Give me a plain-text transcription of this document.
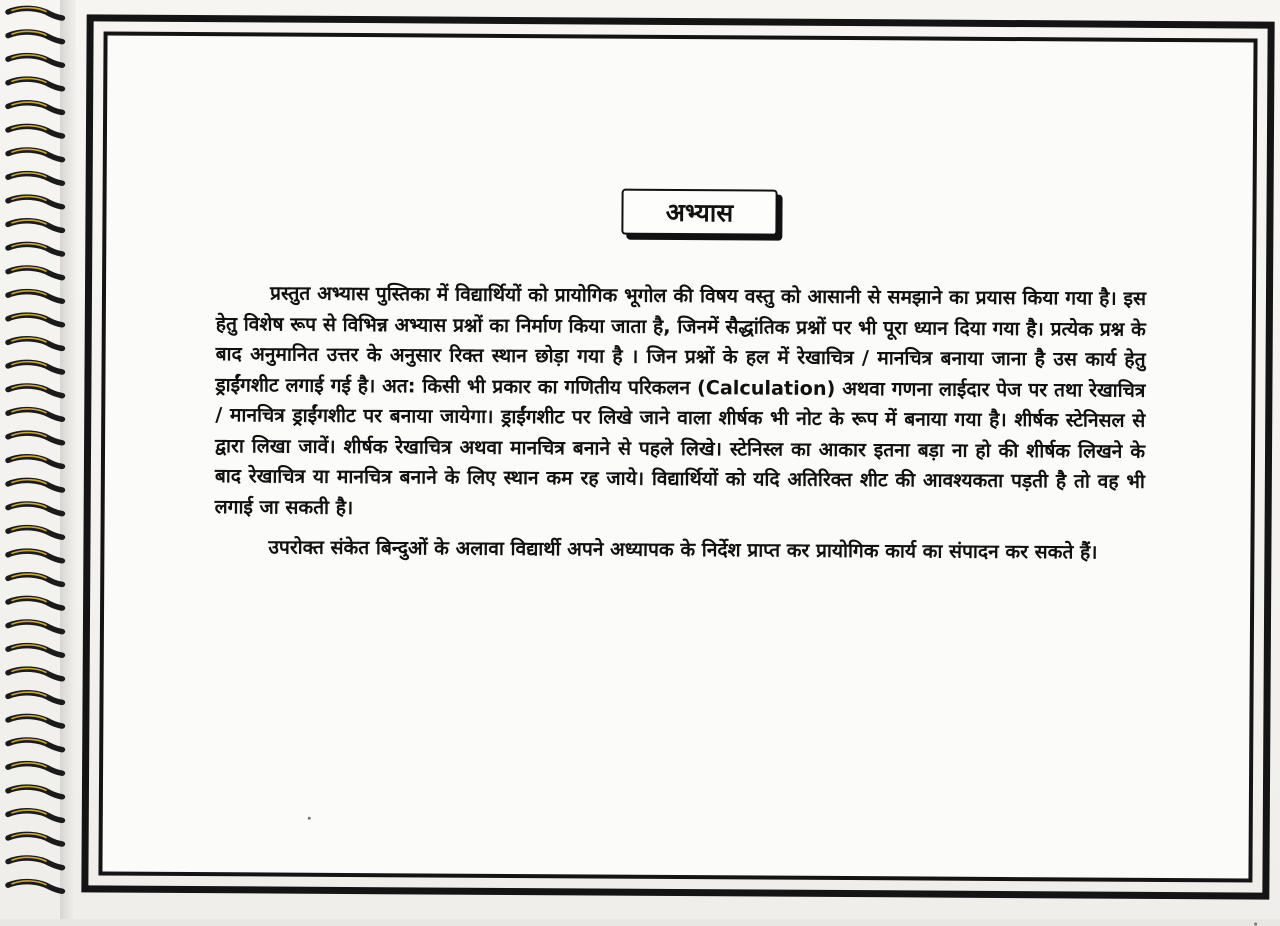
अभ्यास

प्रस्तुत अभ्यास पुस्तिका में विद्यार्थियों को प्रायोगिक भूगोल की विषय वस्तु को आसानी से समझाने का प्रयास किया गया है। इस हेतु विशेष रूप से विभिन्न अभ्यास प्रश्नों का निर्माण किया जाता है, जिनमें सैद्धांतिक प्रश्नों पर भी पूरा ध्यान दिया गया है। प्रत्येक प्रश्न के बाद अनुमानित उत्तर के अनुसार रिक्त स्थान छोड़ा गया है । जिन प्रश्नों के हल में रेखाचित्र / मानचित्र बनाया जाना है उस कार्य हेतु ड्राईंगशीट लगाई गई है। अत: किसी भी प्रकार का गणितीय परिकलन (Calculation) अथवा गणना लाईदार पेज पर तथा रेखाचित्र / मानचित्र ड्राईंगशीट पर बनाया जायेगा। ड्राईंगशीट पर लिखे जाने वाला शीर्षक भी नोट के रूप में बनाया गया है। शीर्षक स्टेनिसल से द्वारा लिखा जावें। शीर्षक रेखाचित्र अथवा मानचित्र बनाने से पहले लिखे। स्टेनिस्ल का आकार इतना बड़ा ना हो की शीर्षक लिखने के बाद रेखाचित्र या मानचित्र बनाने के लिए स्थान कम रह जाये। विद्यार्थियों को यदि अतिरिक्त शीट की आवश्यकता पड़ती है तो वह भी लगाई जा सकती है।

उपरोक्त संकेत बिन्दुओं के अलावा विद्यार्थी अपने अध्यापक के निर्देश प्राप्त कर प्रायोगिक कार्य का संपादन कर सकते हैं।
